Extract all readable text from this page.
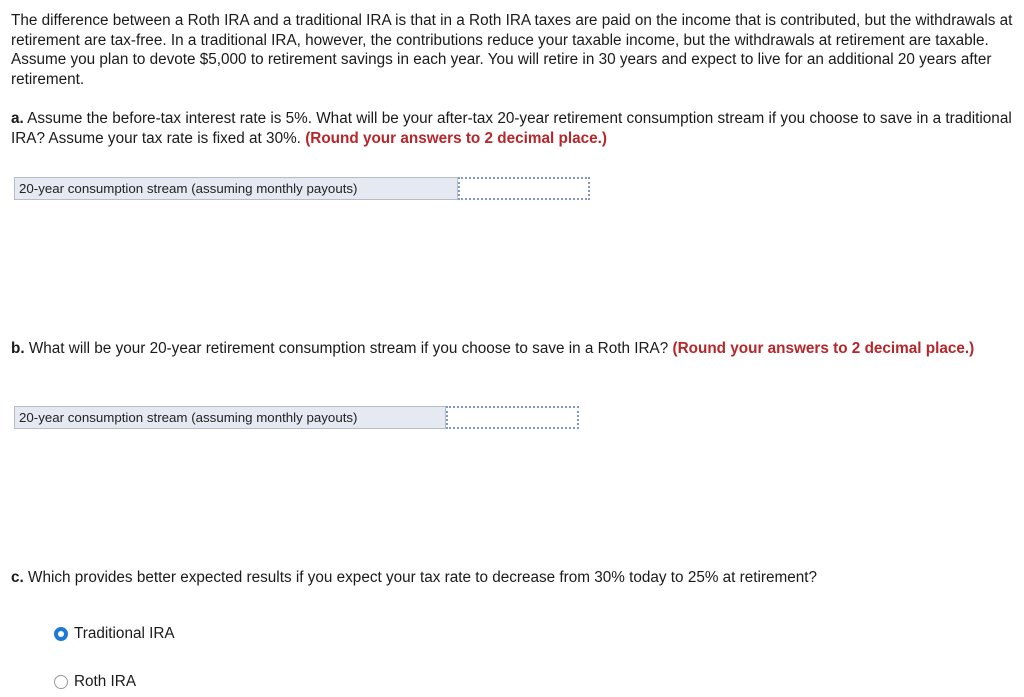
The difference between a Roth IRA and a traditional IRA is that in a Roth IRA taxes are paid on the income that is contributed, but the withdrawals at retirement are tax-free. In a traditional IRA, however, the contributions reduce your taxable income, but the withdrawals at retirement are taxable. Assume you plan to devote $5,000 to retirement savings in each year. You will retire in 30 years and expect to live for an additional 20 years after retirement.

a. Assume the before-tax interest rate is 5%. What will be your after-tax 20-year retirement consumption stream if you choose to save in a traditional IRA? Assume your tax rate is fixed at 30%. (Round your answers to 2 decimal place.)

20-year consumption stream (assuming monthly payouts)

b. What will be your 20-year retirement consumption stream if you choose to save in a Roth IRA? (Round your answers to 2 decimal place.)

20-year consumption stream (assuming monthly payouts)

c. Which provides better expected results if you expect your tax rate to decrease from 30% today to 25% at retirement?

Traditional IRA
Roth IRA
